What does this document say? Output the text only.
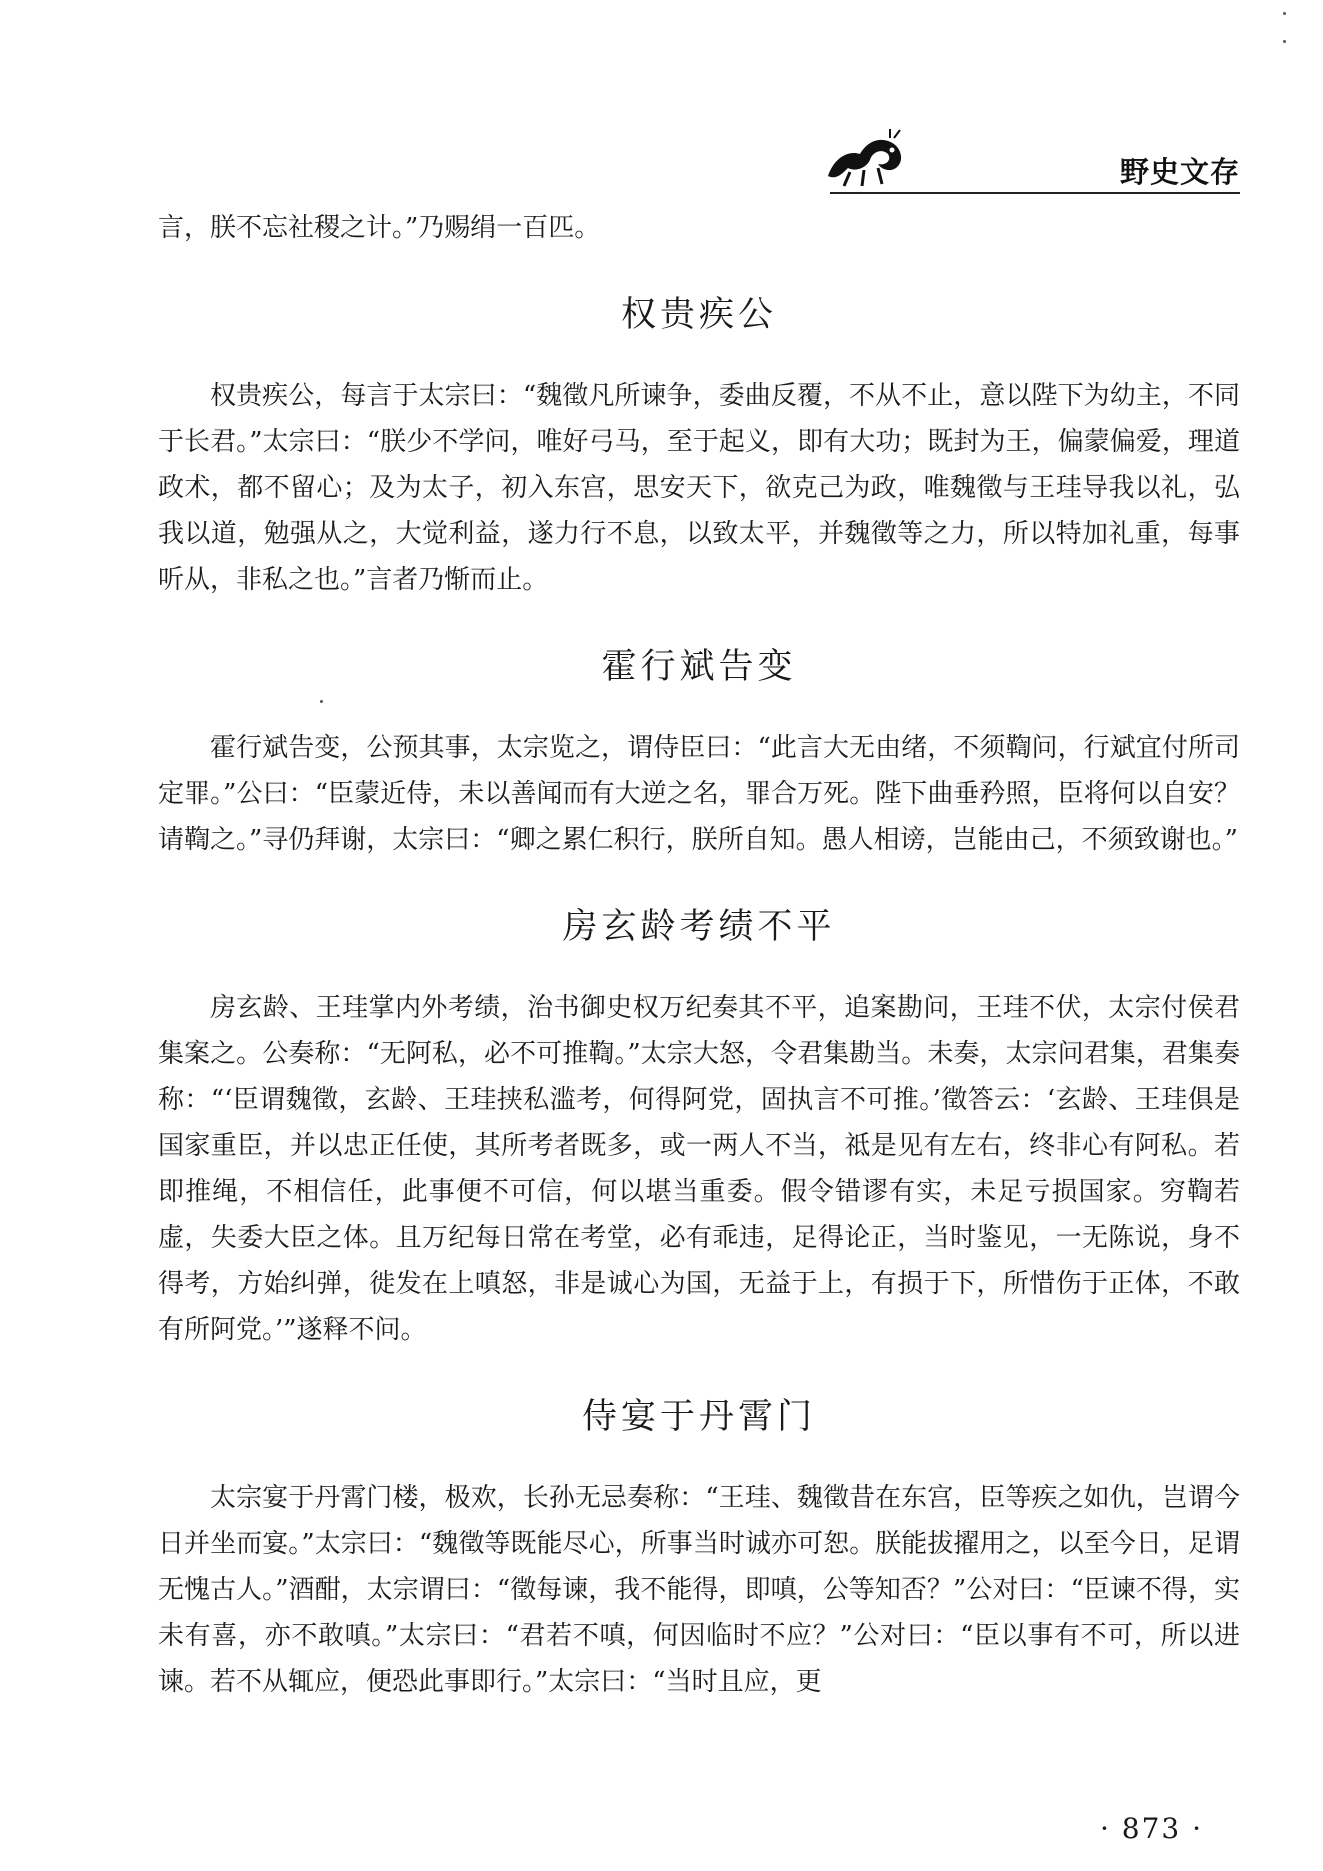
野史文存

言，朕不忘社稷之计。”乃赐绢一百匹。

权贵疾公

权贵疾公，每言于太宗曰：“魏徵凡所谏争，委曲反覆，不从不止，意以陛下为幼主，不同于长君。”太宗曰：“朕少不学问，唯好弓马，至于起义，即有大功；既封为王，偏蒙偏爱，理道政术，都不留心；及为太子，初入东宫，思安天下，欲克己为政，唯魏徵与王珪导我以礼，弘我以道，勉强从之，大觉利益，遂力行不息，以致太平，并魏徵等之力，所以特加礼重，每事听从，非私之也。”言者乃惭而止。

霍行斌告变

霍行斌告变，公预其事，太宗览之，谓侍臣曰：“此言大无由绪，不须鞫问，行斌宜付所司定罪。”公曰：“臣蒙近侍，未以善闻而有大逆之名，罪合万死。陛下曲垂矜照，臣将何以自安？请鞫之。”寻仍拜谢，太宗曰：“卿之累仁积行，朕所自知。愚人相谤，岂能由己，不须致谢也。”

房玄龄考绩不平

房玄龄、王珪掌内外考绩，治书御史权万纪奏其不平，追案勘问，王珪不伏，太宗付侯君集案之。公奏称：“无阿私，必不可推鞫。”太宗大怒，令君集勘当。未奏，太宗问君集，君集奏称：“‘臣谓魏徵，玄龄、王珪挟私滥考，何得阿党，固执言不可推。’徵答云：‘玄龄、王珪俱是国家重臣，并以忠正任使，其所考者既多，或一两人不当，祗是见有左右，终非心有阿私。若即推绳，不相信任，此事便不可信，何以堪当重委。假令错谬有实，未足亏损国家。穷鞫若虚，失委大臣之体。且万纪每日常在考堂，必有乖违，足得论正，当时鉴见，一无陈说，身不得考，方始纠弹，徙发在上嗔怒，非是诚心为国，无益于上，有损于下，所惜伤于正体，不敢有所阿党。’”遂释不问。

侍宴于丹霄门

太宗宴于丹霄门楼，极欢，长孙无忌奏称：“王珪、魏徵昔在东宫，臣等疾之如仇，岂谓今日并坐而宴。”太宗曰：“魏徵等既能尽心，所事当时诚亦可恕。朕能拔擢用之，以至今日，足谓无愧古人。”酒酣，太宗谓曰：“徵每谏，我不能得，即嗔，公等知否？”公对曰：“臣谏不得，实未有喜，亦不敢嗔。”太宗曰：“君若不嗔，何因临时不应？”公对曰：“臣以事有不可，所以进谏。若不从辄应，便恐此事即行。”太宗曰：“当时且应，更

· 873 ·
